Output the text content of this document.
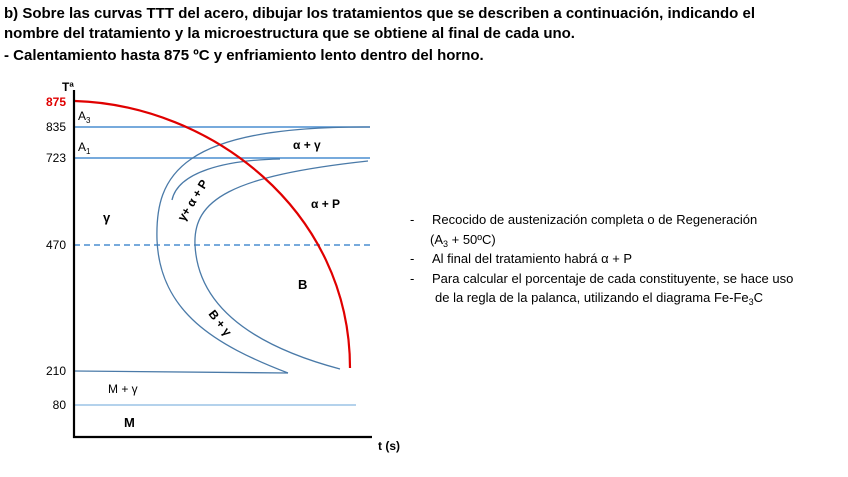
b) Sobre las curvas TTT del acero, dibujar los tratamientos que se describen a continuación, indicando el
nombre del tratamiento y la microestructura que se obtiene al final de cada uno.
- Calentamiento hasta 875 ºC y enfriamiento lento dentro del horno.
Tª
t (s)
875
835
723
470
210
80
$A_3$
$A_1$
γ
α + γ
γ+ α + P	α + P
B
B + γ
M + γ
M
- Recocido de austenización completa o de Regeneración
($A_3$ + 50ºC)
- Al final del tratamiento habrá α + P
- Para calcular el porcentaje de cada constituyente, se hace uso
de la regla de la palanca, utilizando el diagrama $Fe-Fe_3C$
